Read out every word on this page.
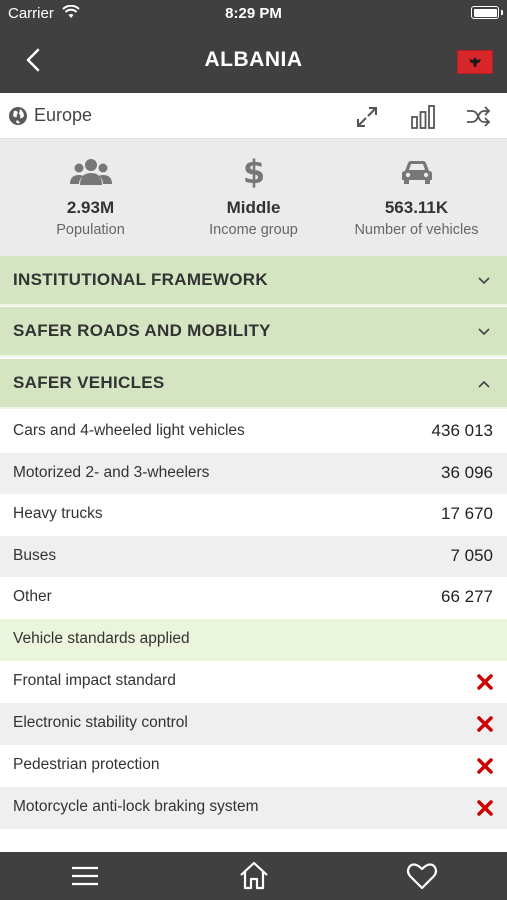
Carrier	8:29 PM
ALBANIA
Europe
2.93M
Population
$
Middle
Income group
563.11K
Number of vehicles
INSTITUTIONAL FRAMEWORK
SAFER ROADS AND MOBILITY
SAFER VEHICLES
Cars and 4-wheeled light vehicles	436 013
Motorized 2- and 3-wheelers	36 096
Heavy trucks	17 670
Buses	7 050
Other	66 277
Vehicle standards applied
Frontal impact standard
Electronic stability control
Pedestrian protection
Motorcycle anti-lock braking system
